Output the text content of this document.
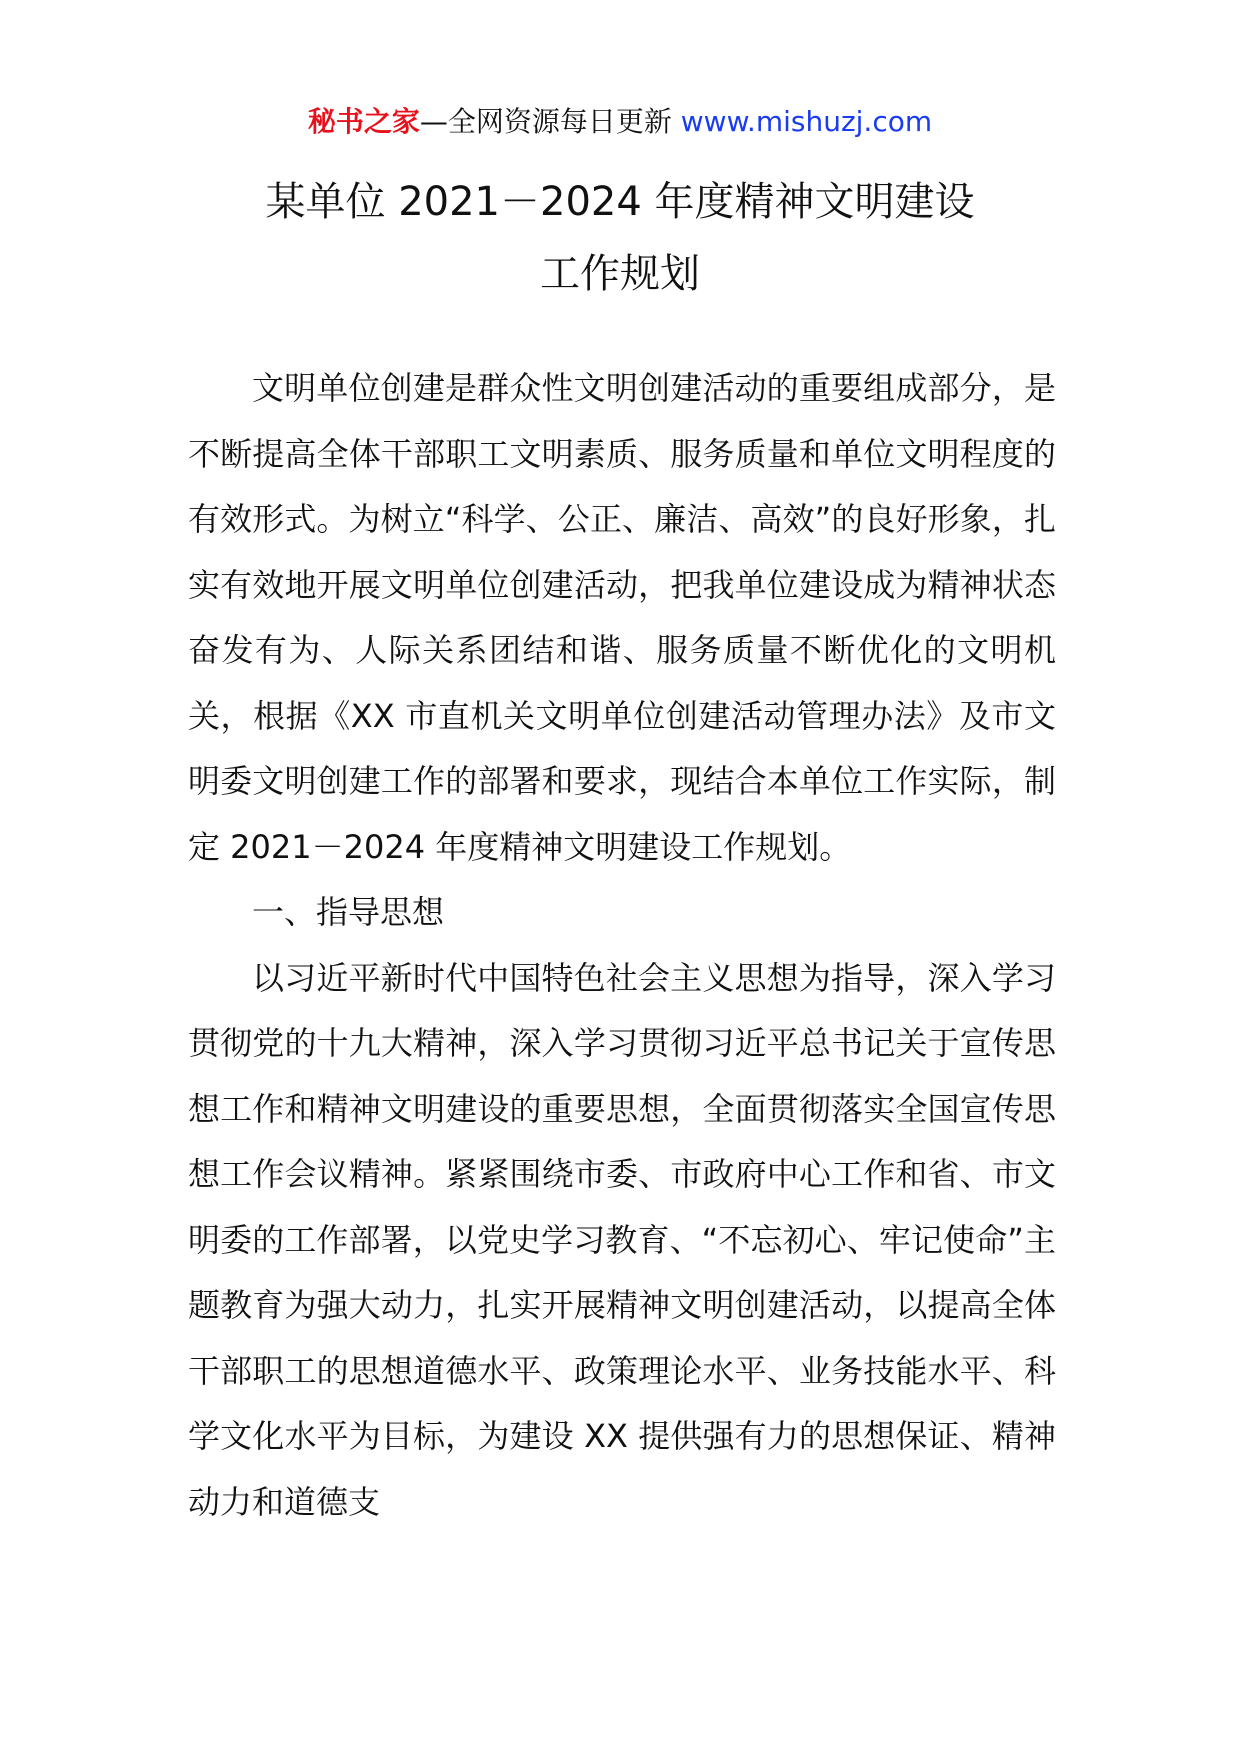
秘书之家—全网资源每日更新 www.mishuzj.com
某单位 2021－2024 年度精神文明建设
工作规划

文明单位创建是群众性文明创建活动的重要组成部分，是不断提高全体干部职工文明素质、服务质量和单位文明程度的有效形式。为树立“科学、公正、廉洁、高效”的良好形象，扎实有效地开展文明单位创建活动，把我单位建设成为精神状态奋发有为、人际关系团结和谐、服务质量不断优化的文明机关，根据《XX 市直机关文明单位创建活动管理办法》及市文明委文明创建工作的部署和要求，现结合本单位工作实际，制定 2021－2024 年度精神文明建设工作规划。

一、指导思想

以习近平新时代中国特色社会主义思想为指导，深入学习贯彻党的十九大精神，深入学习贯彻习近平总书记关于宣传思想工作和精神文明建设的重要思想，全面贯彻落实全国宣传思想工作会议精神。紧紧围绕市委、市政府中心工作和省、市文明委的工作部署，以党史学习教育、“不忘初心、牢记使命”主题教育为强大动力，扎实开展精神文明创建活动，以提高全体干部职工的思想道德水平、政策理论水平、业务技能水平、科学文化水平为目标，为建设 XX 提供强有力的思想保证、精神动力和道德支
